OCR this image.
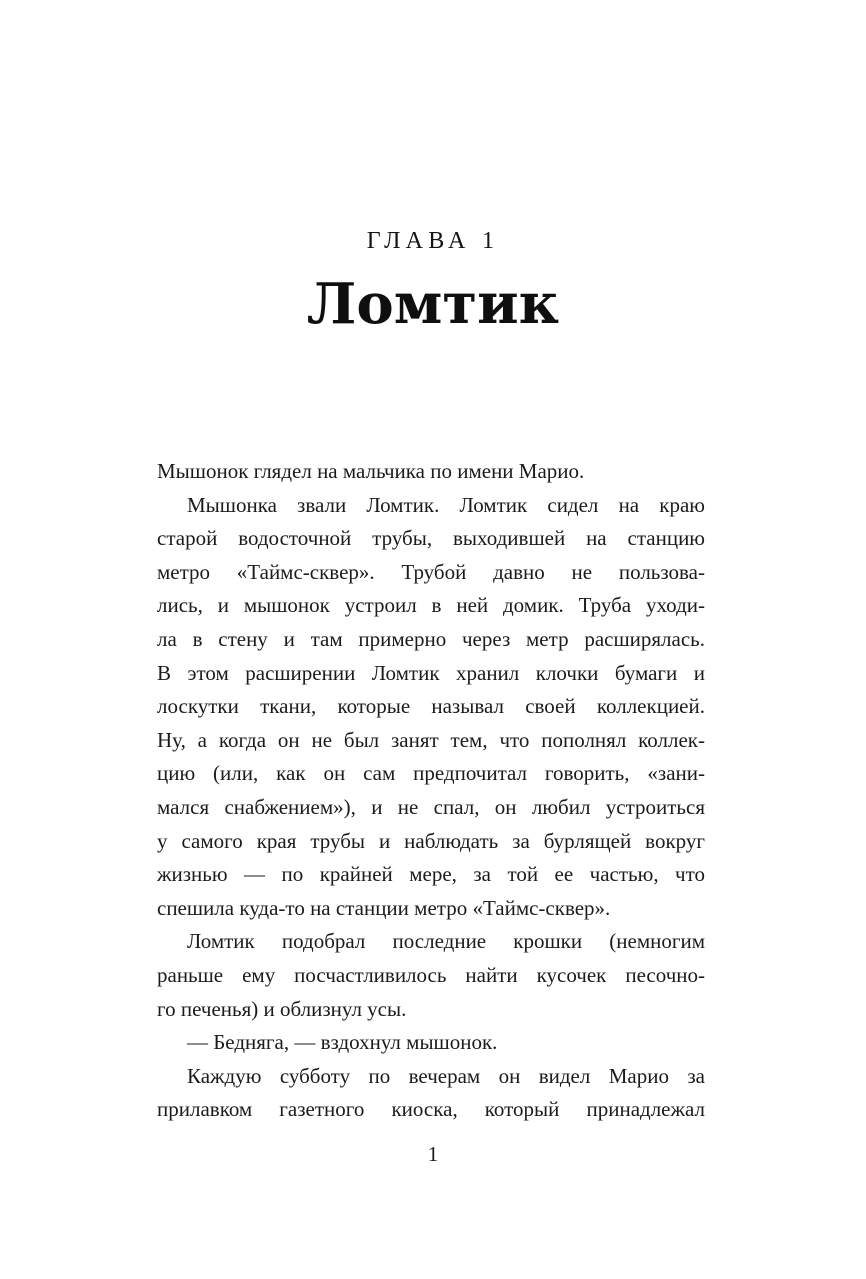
ГЛАВА 1
Ломтик
Мышонок глядел на мальчика по имени Марио.
Мышонка звали Ломтик. Ломтик сидел на краю
старой водосточной трубы, выходившей на станцию
метро «Таймс-сквер». Трубой давно не пользова-
лись, и мышонок устроил в ней домик. Труба уходи-
ла в стену и там примерно через метр расширялась.
В этом расширении Ломтик хранил клочки бумаги и
лоскутки ткани, которые называл своей коллекцией.
Ну, а когда он не был занят тем, что пополнял коллек-
цию (или, как он сам предпочитал говорить, «зани-
мался снабжением»), и не спал, он любил устроиться
у самого края трубы и наблюдать за бурлящей вокруг
жизнью — по крайней мере, за той ее частью, что
спешила куда-то на станции метро «Таймс-сквер».
Ломтик подобрал последние крошки (немногим
раньше ему посчастливилось найти кусочек песочно-
го печенья) и облизнул усы.
— Бедняга, — вздохнул мышонок.
Каждую субботу по вечерам он видел Марио за
прилавком газетного киоска, который принадлежал
1
